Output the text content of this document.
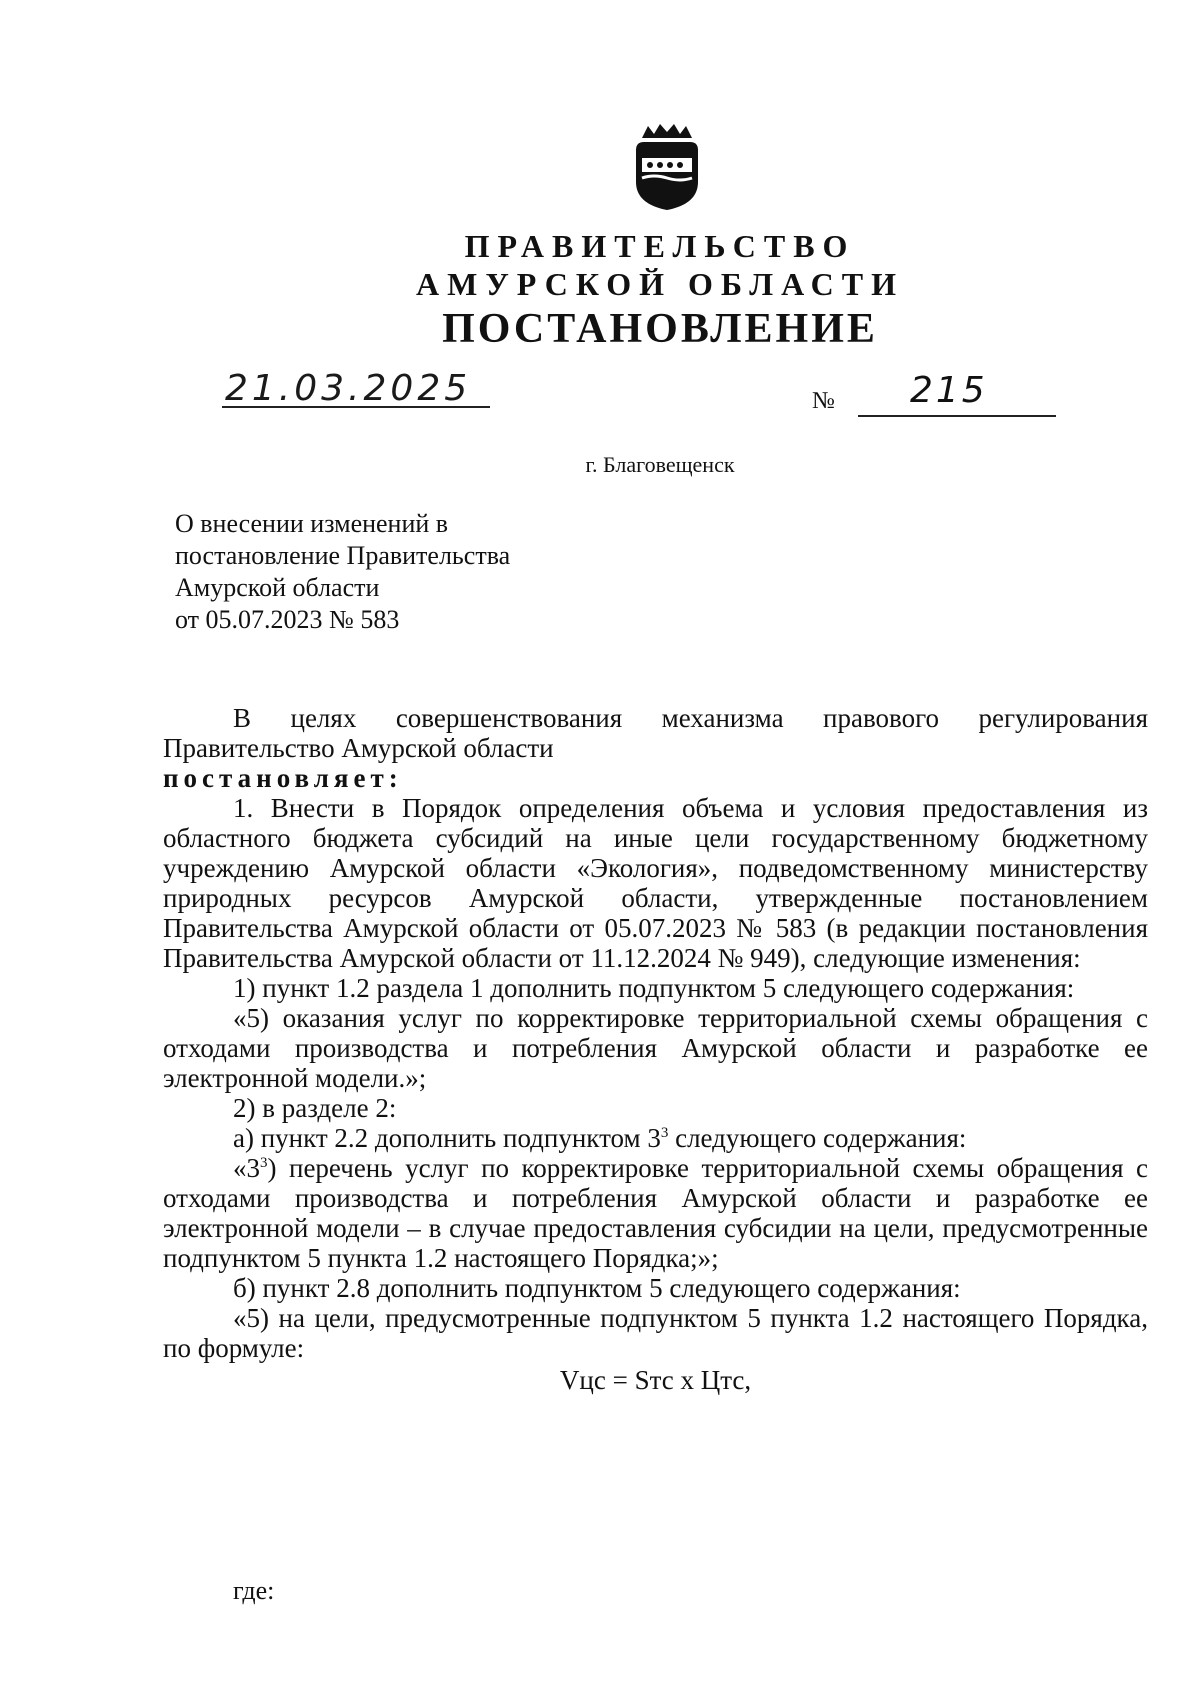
ПРАВИТЕЛЬСТВО
АМУРСКОЙ ОБЛАСТИ
ПОСТАНОВЛЕНИЕ
21.03.2025	№ 215
г. Благовещенск
О внесении изменений в
постановление Правительства
Амурской области
от 05.07.2023 № 583

В целях совершенствования механизма правового регулирования

Правительство Амурской области

постановляет:

1. Внести в Порядок определения объема и условия предоставления из областного бюджета субсидий на иные цели государственному бюджетному учреждению Амурской области «Экология», подведомственному министерству природных ресурсов Амурской области, утвержденные постановлением Правительства Амурской области от 05.07.2023 № 583 (в редакции постановления Правительства Амурской области от 11.12.2024 № 949), следующие изменения:

1) пункт 1.2 раздела 1 дополнить подпунктом 5 следующего содержания:

«5) оказания услуг по корректировке территориальной схемы обращения с отходами производства и потребления Амурской области и разработке ее электронной модели.»;

2) в разделе 2:

а) пункт 2.2 дополнить подпунктом $3^3$ следующего содержания:

«$3^3$) перечень услуг по корректировке территориальной схемы обращения с отходами производства и потребления Амурской области и разработке ее электронной модели – в случае предоставления субсидии на цели, предусмотренные подпунктом 5 пункта 1.2 настоящего Порядка;»;

б) пункт 2.8 дополнить подпунктом 5 следующего содержания:

«5) на цели, предусмотренные подпунктом 5 пункта 1.2 настоящего Порядка, по формуле:

Vцс = Sтс x Цтс,

где:
